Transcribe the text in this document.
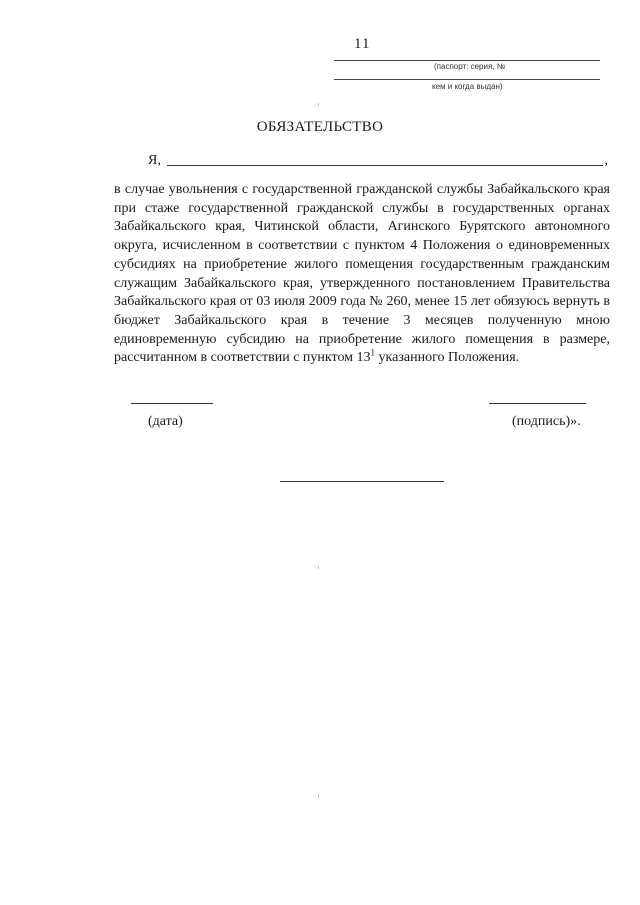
11
(паспорт: серия, №
кем и когда выдан)
ОБЯЗАТЕЛЬСТВО
Я,	,
в случае увольнения с государственной гражданской службы Забайкальского края при стаже государственной гражданской службы в государственных органах Забайкальского края, Читинской области, Агинского Бурятского автономного округа, исчисленном в соответствии с пунктом 4 Положения о единовременных субсидиях на приобретение жилого помещения государственным гражданским служащим Забайкальского края, утвержденного постановлением Правительства Забайкальского края от 03 июля 2009 года № 260, менее 15 лет обязуюсь вернуть в бюджет Забайкальского края в течение 3 месяцев полученную мною единовременную субсидию на приобретение жилого помещения в размере, рассчитанном в соответствии с пунктом $13^1$ указанного Положения.
(дата)	(подпись)».
